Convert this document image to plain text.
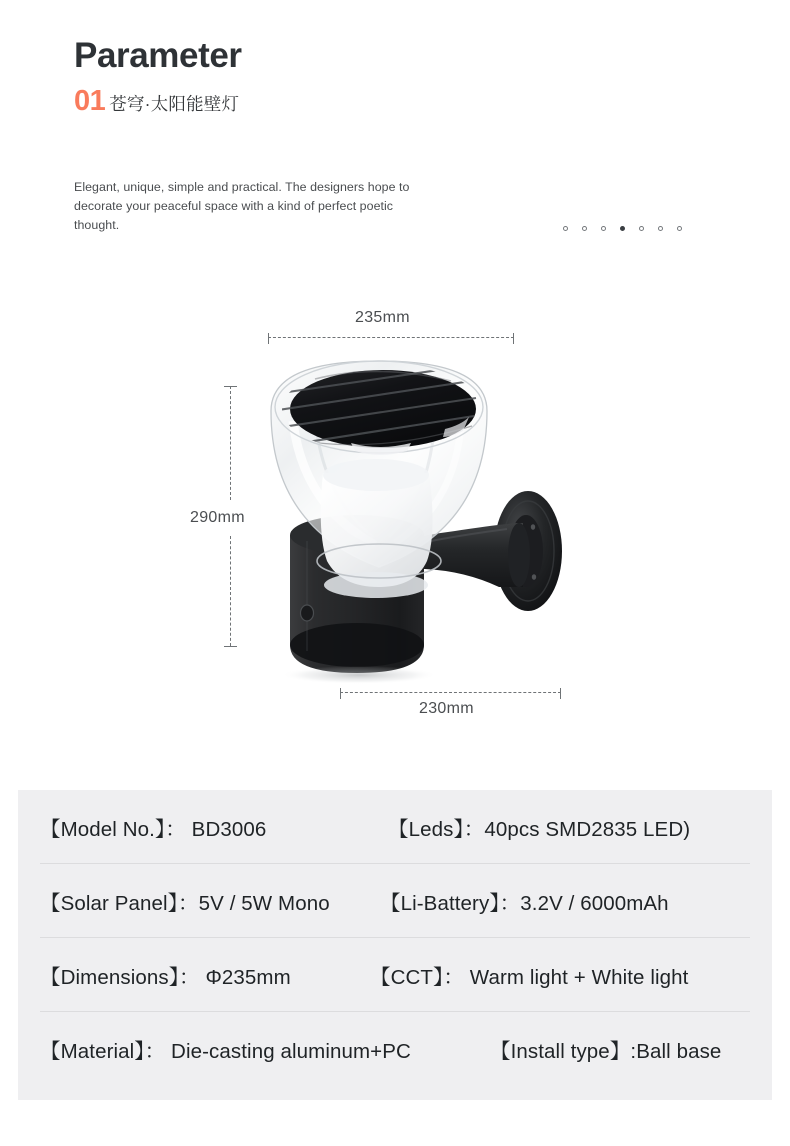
Parameter
01 苍穹·太阳能壁灯
Elegant, unique, simple and practical. The designers hope to decorate your peaceful space with a kind of perfect poetic thought.
235mm
290mm
230mm
【Model No.】： BD3006	【Leds】：40pcs SMD2835 LED)
【Solar Panel】：5V / 5W Mono	【Li-Battery】：3.2V / 6000mAh
【Dimensions】： Φ235mm	【CCT】： Warm light + White light
【Material】： Die-casting aluminum+PC	【Install type】:Ball base
